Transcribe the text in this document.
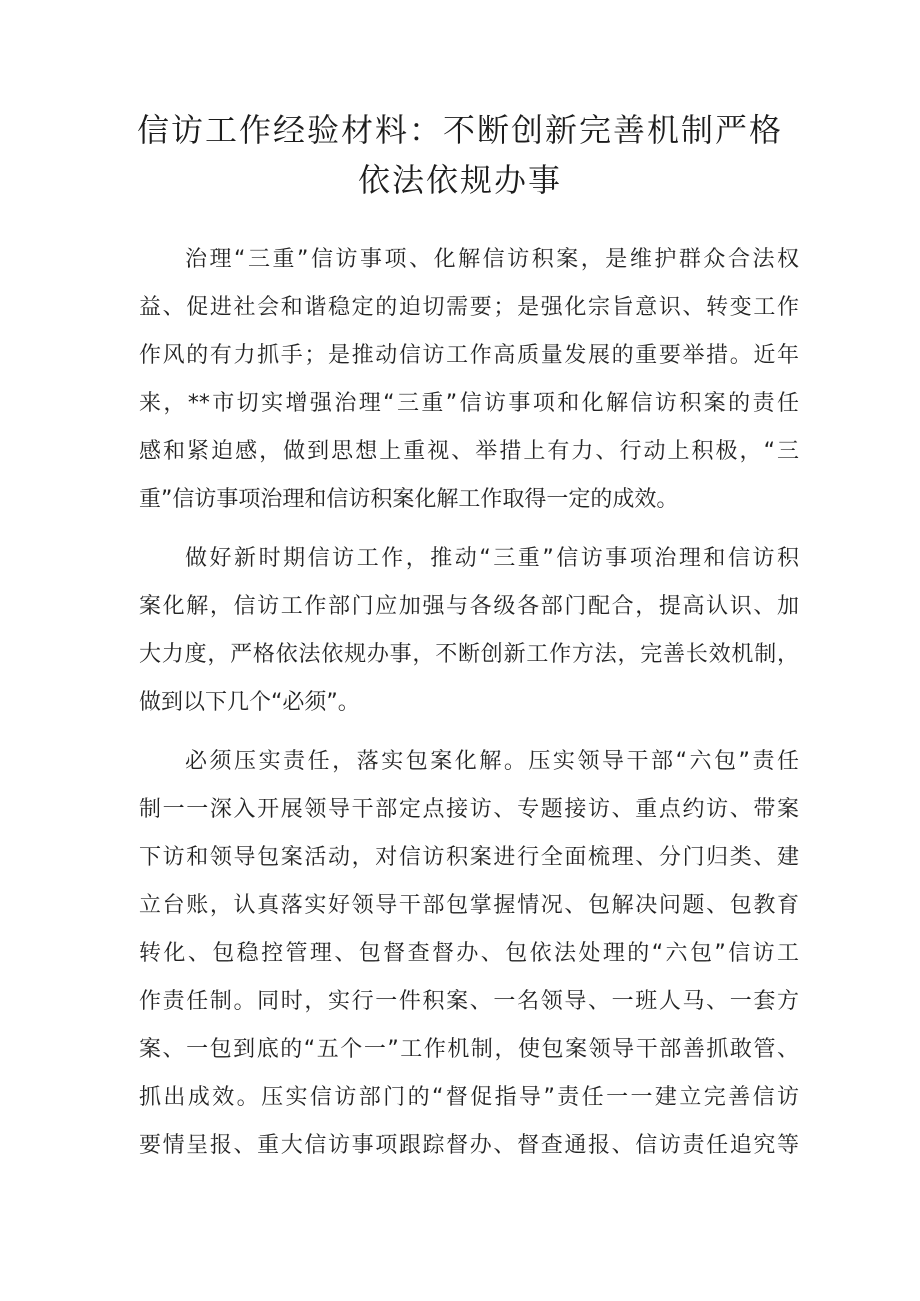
信访工作经验材料：不断创新完善机制严格
依法依规办事
治理“三重”信访事项、化解信访积案，是维护群众合法权
益、促进社会和谐稳定的迫切需要；是强化宗旨意识、转变工作
作风的有力抓手；是推动信访工作高质量发展的重要举措。近年
来，**市切实增强治理“三重”信访事项和化解信访积案的责任
感和紧迫感，做到思想上重视、举措上有力、行动上积极，“三
重”信访事项治理和信访积案化解工作取得一定的成效。
做好新时期信访工作，推动“三重”信访事项治理和信访积
案化解，信访工作部门应加强与各级各部门配合，提高认识、加
大力度，严格依法依规办事，不断创新工作方法，完善长效机制，
做到以下几个“必须”。
必须压实责任，落实包案化解。压实领导干部“六包”责任
制一一深入开展领导干部定点接访、专题接访、重点约访、带案
下访和领导包案活动，对信访积案进行全面梳理、分门归类、建
立台账，认真落实好领导干部包掌握情况、包解决问题、包教育
转化、包稳控管理、包督查督办、包依法处理的“六包”信访工
作责任制。同时，实行一件积案、一名领导、一班人马、一套方
案、一包到底的“五个一”工作机制，使包案领导干部善抓敢管、
抓出成效。压实信访部门的“督促指导”责任一一建立完善信访
要情呈报、重大信访事项跟踪督办、督查通报、信访责任追究等
